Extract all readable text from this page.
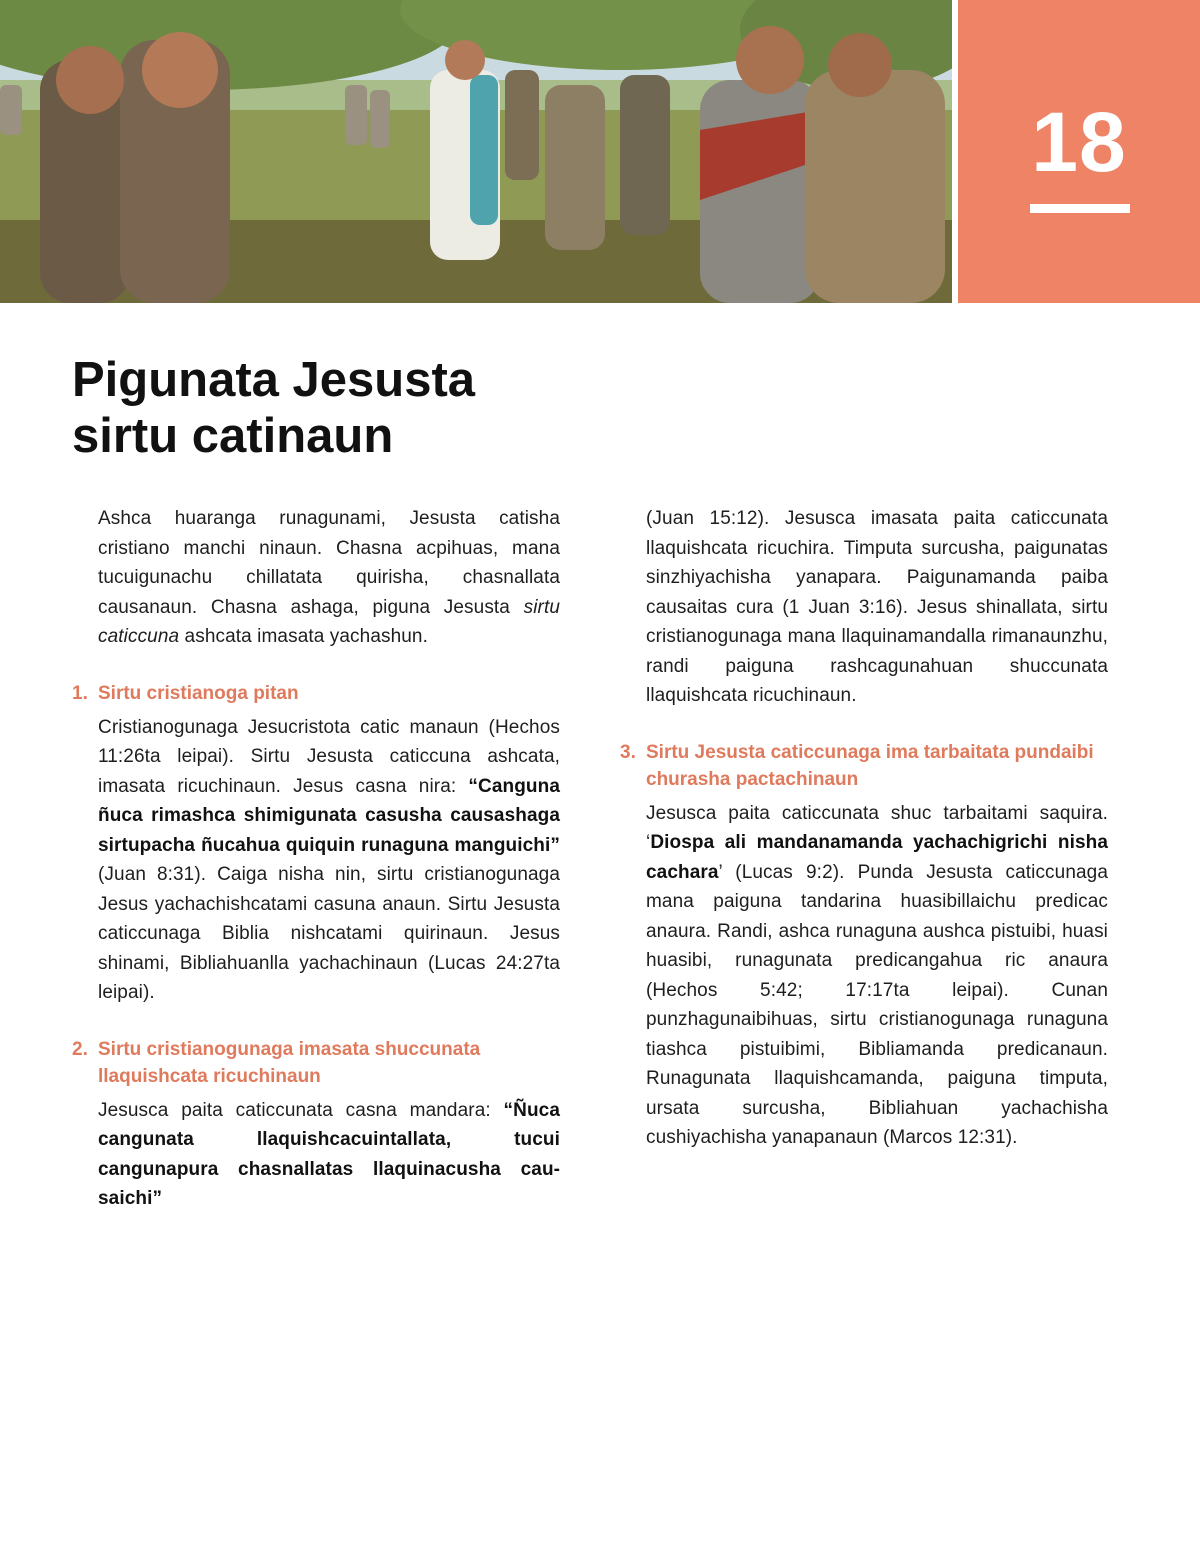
18
Pigunata Jesusta
sirtu catinaun

Ashca huaranga runagunami, Jesusta catisha cristiano manchi ninaun. Chasna acpihuas, mana tucuigunachu chillatata quirisha, chasnallata causanaun. Chasna ashaga, piguna Jesusta sirtu caticcuna ashcata imasata yachashun.

1. Sirtu cristianoga pitan

Cristianogunaga Jesucristota catic manaun (Hechos 11:26ta leipai). Sirtu Jesusta caticcuna ashcata, imasata ricuchinaun. Jesus casna nira: “Canguna ñuca rimashca shimigunata casusha causashaga sirtupacha ñucahua quiquin runaguna manguichi” (Juan 8:31). Caiga nisha nin, sirtu cristianogunaga Jesus yachachishcatami casuna anaun. Sirtu Jesusta caticcunaga Biblia nishcatami quirinaun. Jesus shinami, Bibliahuanlla yachachinaun (Lucas 24:27ta leipai).

2. Sirtu cristianogunaga imasata shuccunata llaquishcata ricuchinaun

Jesusca paita caticcunata casna mandara: “Ñuca cangunata llaquishcacuintallata, tucui cangunapura chasnallatas llaquinacusha causaichi”

(Juan 15:12). Jesusca imasata paita caticcunata llaquishcata ricuchira. Timputa surcusha, paigunatas sinzhiyachisha yanapara. Paigunamanda paiba causaitas cura (1 Juan 3:16). Jesus shinallata, sirtu cristianogunaga mana llaquinamandalla rimanaunzhu, randi paiguna rashcagunahuan shuccunata llaquishcata ricuchinaun.

3. Sirtu Jesusta caticcunaga ima tarbaitata pundaibi churasha pactachinaun

Jesusca paita caticcunata shuc tarbaitami saquira. ‘Diospa ali mandanamanda yachachigrichi nisha cachara’ (Lucas 9:2). Punda Jesusta caticcunaga mana paiguna tandarina huasibillaichu predicac anaura. Randi, ashca runaguna aushca pistuibi, huasi huasibi, runagunata predicangahua ric anaura (Hechos 5:42; 17:17ta leipai). Cunan punzhagunaibihuas, sirtu cristianogunaga runaguna tiashca pistuibimi, Bibliamanda predicanaun. Runagunata llaquishcamanda, paiguna timputa, ursata surcusha, Bibliahuan yachachisha cushiyachisha yanapanaun (Marcos 12:31).
